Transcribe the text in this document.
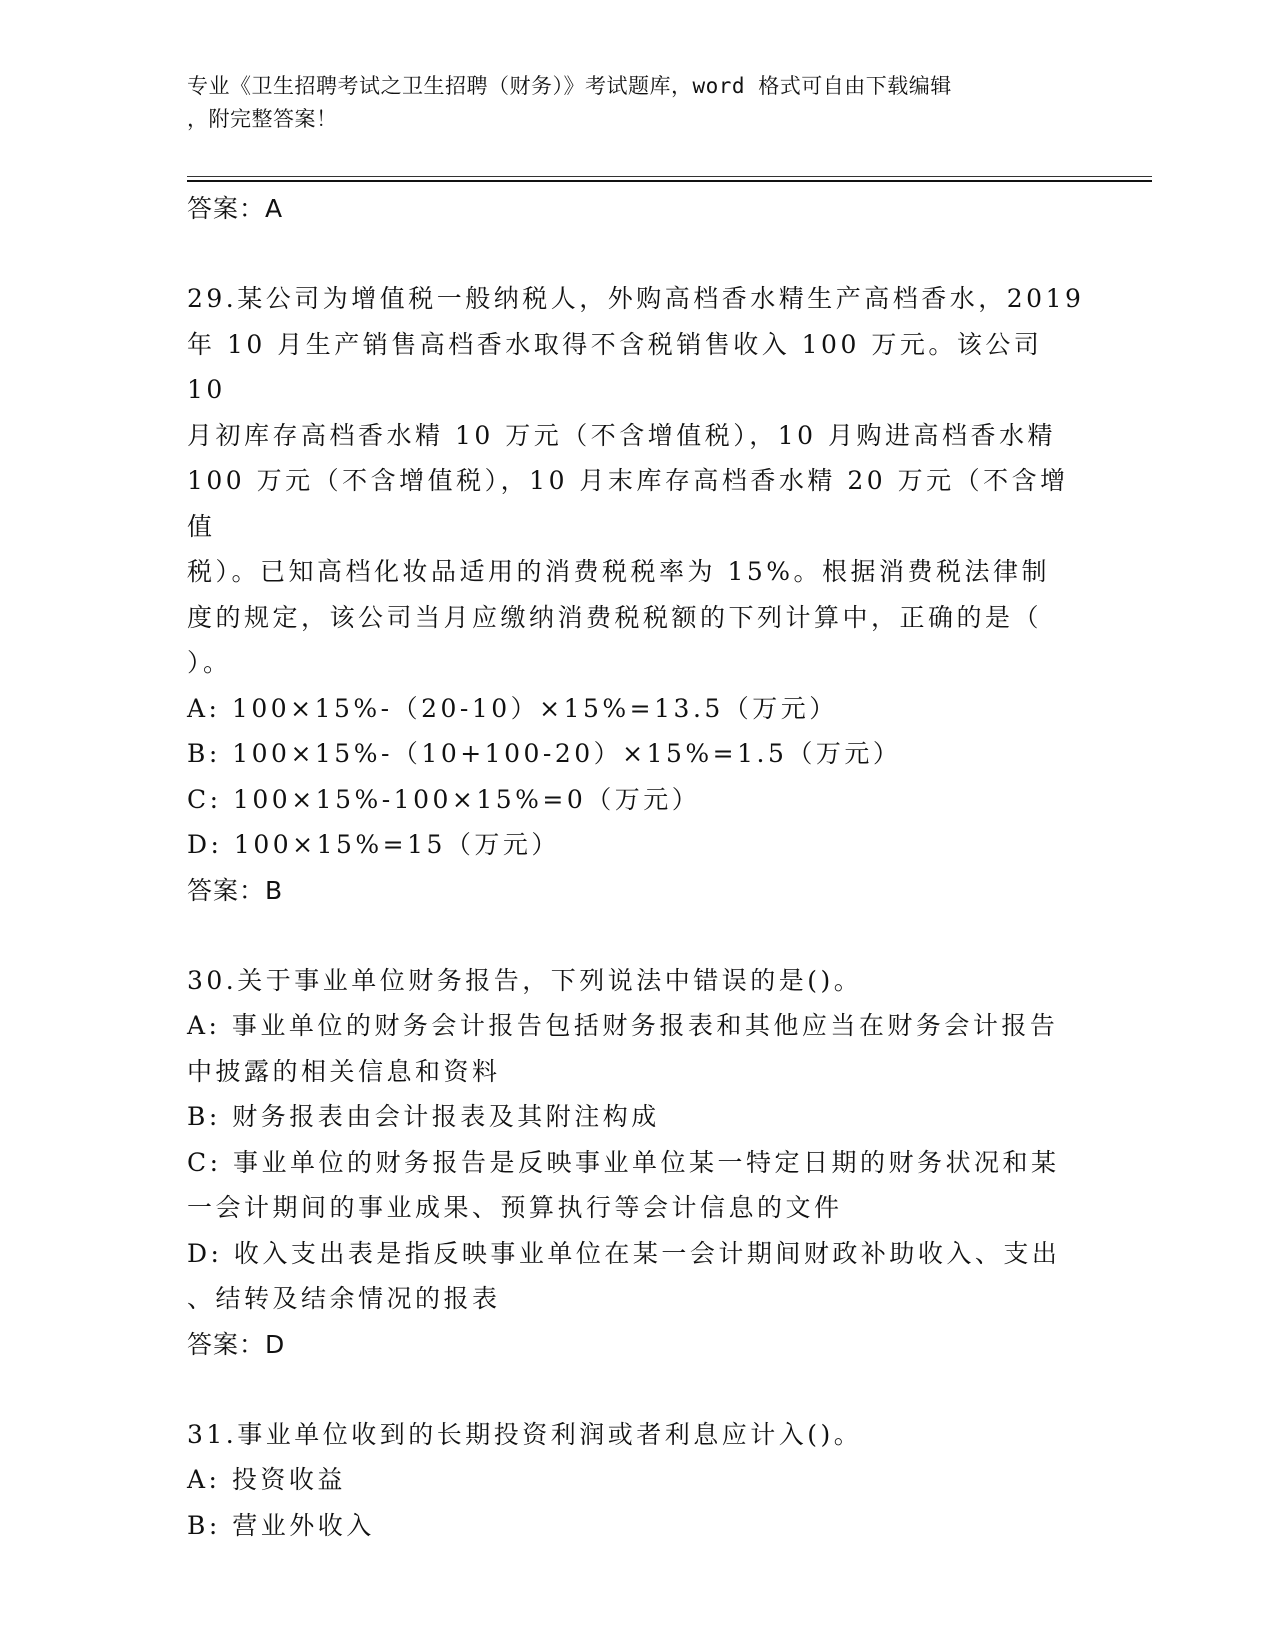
专业《卫生招聘考试之卫生招聘（财务）》考试题库，word 格式可自由下载编辑
，附完整答案！

答案：A

29.某公司为增值税一般纳税人，外购高档香水精生产高档香水，2019

年 10 月生产销售高档香水取得不含税销售收入 100 万元。该公司 10

月初库存高档香水精 10 万元（不含增值税），10 月购进高档香水精

100 万元（不含增值税），10 月末库存高档香水精 20 万元（不含增值

税）。已知高档化妆品适用的消费税税率为 15%。根据消费税法律制

度的规定，该公司当月应缴纳消费税税额的下列计算中，正确的是（

）。

A: 100×15%-（20-10）×15%=13.5（万元）

B: 100×15%-（10+100-20）×15%=1.5（万元）

C: 100×15%-100×15%=0（万元）

D: 100×15%=15（万元）

答案：B

30.关于事业单位财务报告，下列说法中错误的是()。

A: 事业单位的财务会计报告包括财务报表和其他应当在财务会计报告

中披露的相关信息和资料

B: 财务报表由会计报表及其附注构成

C: 事业单位的财务报告是反映事业单位某一特定日期的财务状况和某

一会计期间的事业成果、预算执行等会计信息的文件

D: 收入支出表是指反映事业单位在某一会计期间财政补助收入、支出

、结转及结余情况的报表

答案：D

31.事业单位收到的长期投资利润或者利息应计入()。

A: 投资收益

B: 营业外收入
